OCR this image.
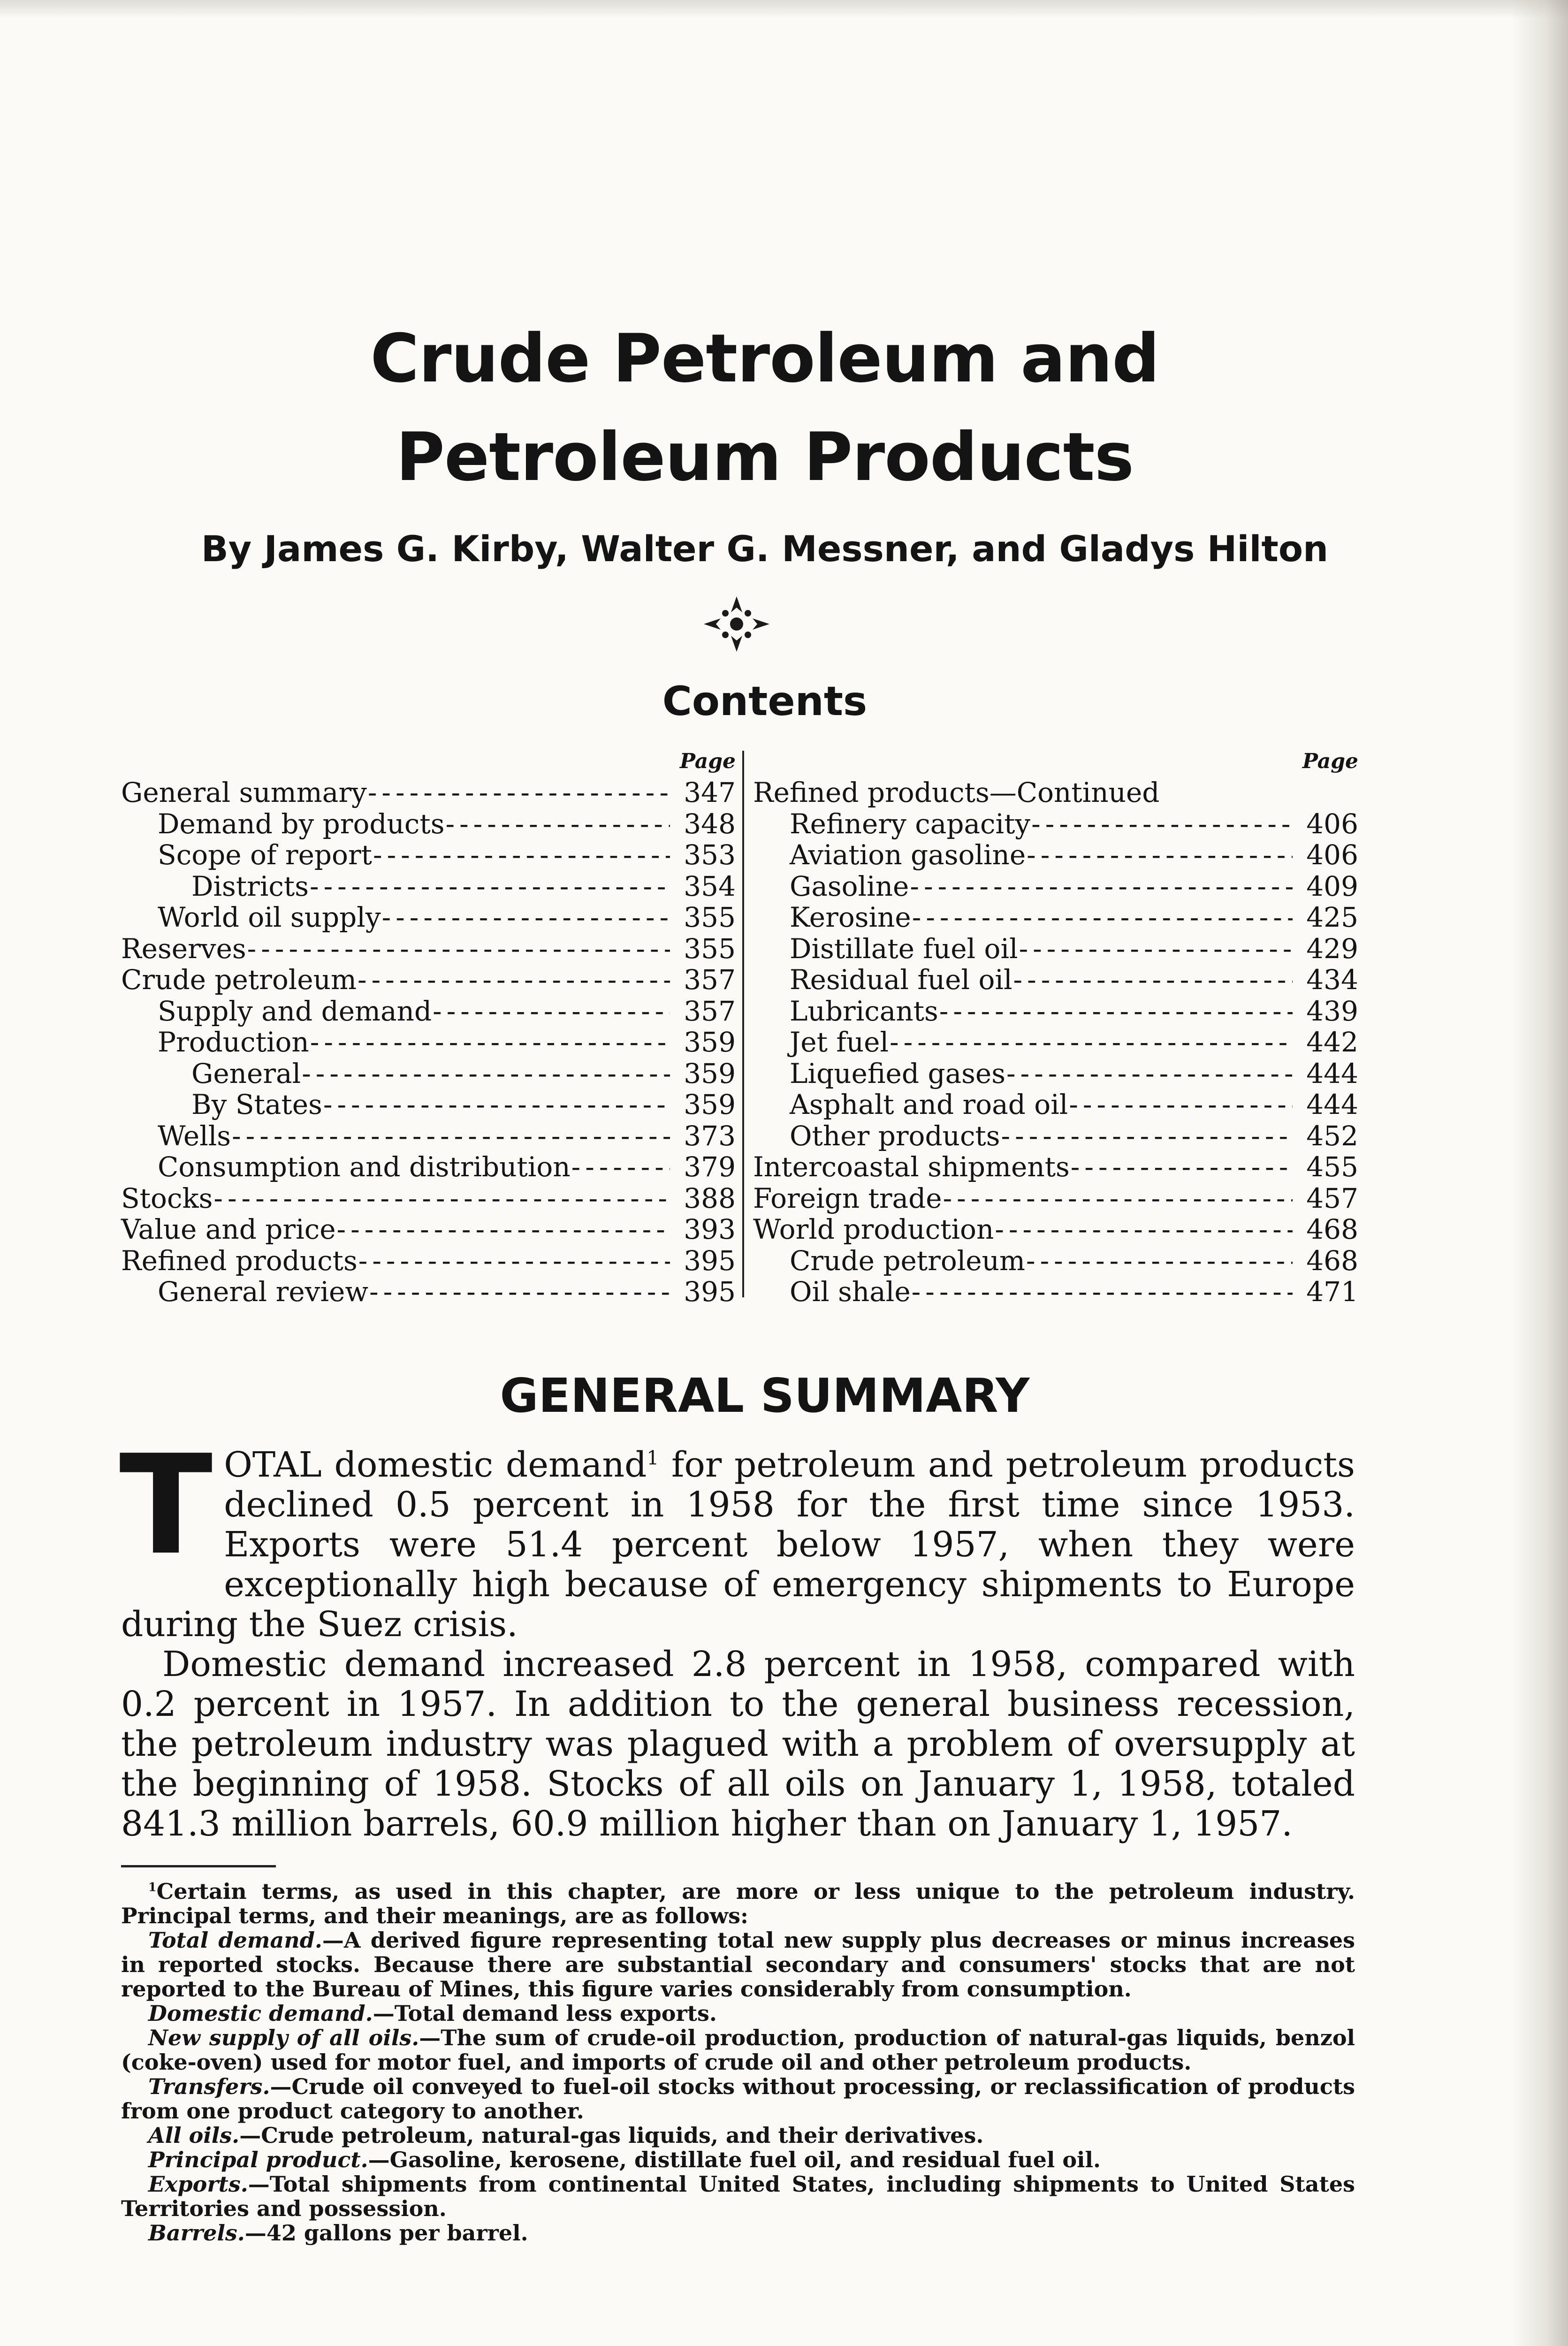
Crude Petroleum and Petroleum Products
By James G. Kirby, Walter G. Messner, and Gladys Hilton
Contents
Page
General summary -----	347
Demand by products -----	348
Scope of report -----	353
Districts -----	354
World oil supply -----	355
Reserves -----	355
Crude petroleum -----	357
Supply and demand -----	357
Production -----	359
General -----	359
By States -----	359
Wells -----	373
Consumption and distribution -----	379
Stocks -----	388
Value and price -----	393
Refined products -----	395
General review -----	395
Page
Refined products—Continued
Refinery capacity -----	406
Aviation gasoline -----	406
Gasoline -----	409
Kerosine -----	425
Distillate fuel oil -----	429
Residual fuel oil -----	434
Lubricants -----	439
Jet fuel -----	442
Liquefied gases -----	444
Asphalt and road oil -----	444
Other products -----	452
Intercoastal shipments -----	455
Foreign trade -----	457
World production -----	468
Crude petroleum -----	468
Oil shale -----	471
GENERAL SUMMARY

TOTAL domestic demand$^1$ for petroleum and petroleum products declined 0.5 percent in 1958 for the first time since 1953. Exports were 51.4 percent below 1957, when they were exceptionally high because of emergency shipments to Europe during the Suez crisis.

Domestic demand increased 2.8 percent in 1958, compared with 0.2 percent in 1957. In addition to the general business recession, the petroleum industry was plagued with a problem of oversupply at the beginning of 1958. Stocks of all oils on January 1, 1958, totaled 841.3 million barrels, 60.9 million higher than on January 1, 1957.

$^1$Certain terms, as used in this chapter, are more or less unique to the petroleum industry. Principal terms, and their meanings, are as follows:

Total demand.—A derived figure representing total new supply plus decreases or minus increases in reported stocks. Because there are substantial secondary and consumers' stocks that are not reported to the Bureau of Mines, this figure varies considerably from consumption.

Domestic demand.—Total demand less exports.

New supply of all oils.—The sum of crude-oil production, production of natural-gas liquids, benzol (coke-oven) used for motor fuel, and imports of crude oil and other petroleum products.

Transfers.—Crude oil conveyed to fuel-oil stocks without processing, or reclassification of products from one product category to another.

All oils.—Crude petroleum, natural-gas liquids, and their derivatives.

Principal product.—Gasoline, kerosene, distillate fuel oil, and residual fuel oil.

Exports.—Total shipments from continental United States, including shipments to United States Territories and possession.

Barrels.—42 gallons per barrel.
